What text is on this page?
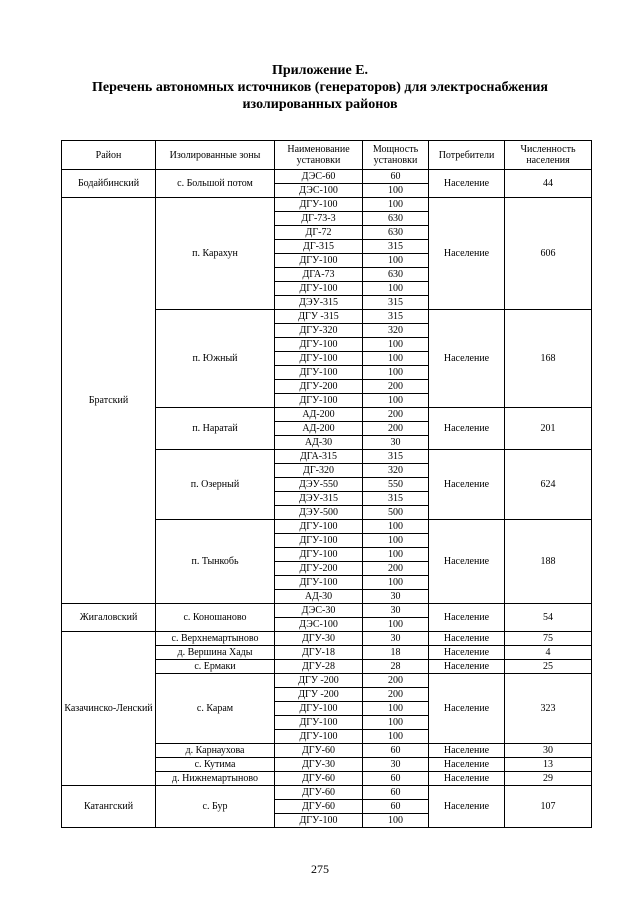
Приложение Е.
Перечень автономных источников (генераторов) для электроснабжения
изолированных районов
Район	Изолированные зоны	Наименование установки	Мощность установки	Потребители	Численность населения
Бодайбинский	с. Большой потом	ДЭС-60	60	Население	44
		ДЭС-100	100		
Братский	п. Карахун	ДГУ-100	100	Население	606
		ДГ-73-3	630		
		ДГ-72	630		
		ДГ-315	315		
		ДГУ-100	100		
		ДГА-73	630		
		ДГУ-100	100		
		ДЭУ-315	315		
	п. Южный	ДГУ -315	315	Население	168
		ДГУ-320	320		
		ДГУ-100	100		
		ДГУ-100	100		
		ДГУ-100	100		
		ДГУ-200	200		
		ДГУ-100	100		
	п. Наратай	АД-200	200	Население	201
		АД-200	200		
		АД-30	30		
	п. Озерный	ДГА-315	315	Население	624
		ДГ-320	320		
		ДЭУ-550	550		
		ДЭУ-315	315		
		ДЭУ-500	500		
	п. Тынкобь	ДГУ-100	100	Население	188
		ДГУ-100	100		
		ДГУ-100	100		
		ДГУ-200	200		
		ДГУ-100	100		
		АД-30	30		
Жигаловский	с. Коношаново	ДЭС-30	30	Население	54
		ДЭС-100	100		
Казачинско-Ленский	с. Верхнемартыново	ДГУ-30	30	Население	75
	д. Вершина Хады	ДГУ-18	18	Население	4
	с. Ермаки	ДГУ-28	28	Население	25
	с. Карам	ДГУ -200	200	Население	323
		ДГУ -200	200		
		ДГУ-100	100		
		ДГУ-100	100		
		ДГУ-100	100		
	д. Карнаухова	ДГУ-60	60	Население	30
	с. Кутима	ДГУ-30	30	Население	13
	д. Нижнемартыново	ДГУ-60	60	Население	29
Катангский	с. Бур	ДГУ-60	60	Население	107
		ДГУ-60	60		
		ДГУ-100	100		
275
